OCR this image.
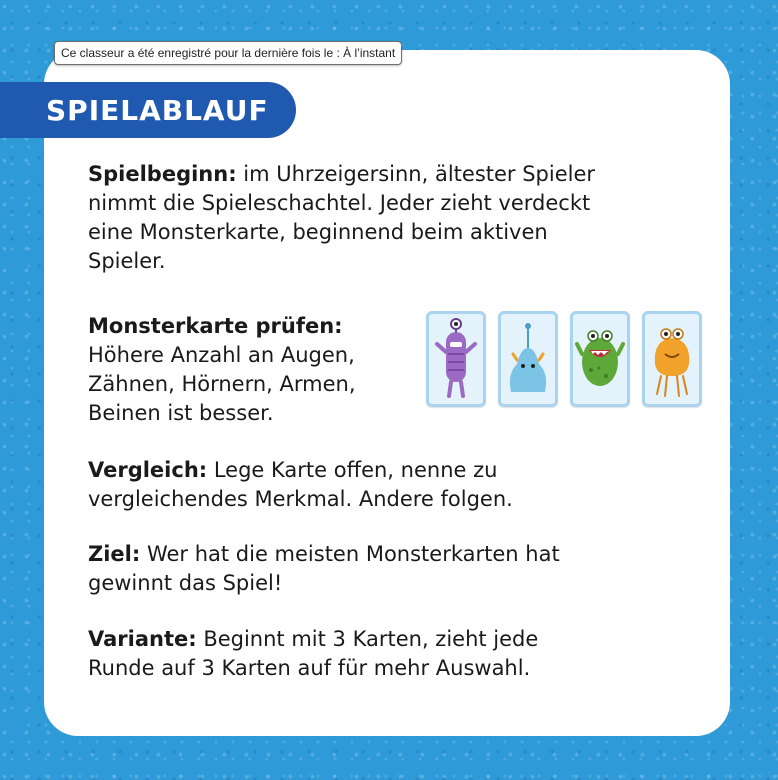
Ce classeur a été enregistré pour la dernière fois le : À l’instant
SPIELABLAUF
Spielbeginn: im Uhrzeigersinn, ältester Spieler
nimmt die Spieleschachtel. Jeder zieht verdeckt
eine Monsterkarte, beginnend beim aktiven
Spieler.
Monsterkarte prüfen:
Höhere Anzahl an Augen,
Zähnen, Hörnern, Armen,
Beinen ist besser.
Vergleich: Lege Karte offen, nenne zu
vergleichendes Merkmal. Andere folgen.
Ziel: Wer hat die meisten Monsterkarten hat
gewinnt das Spiel!
Variante: Beginnt mit 3 Karten, zieht jede
Runde auf 3 Karten auf für mehr Auswahl.
